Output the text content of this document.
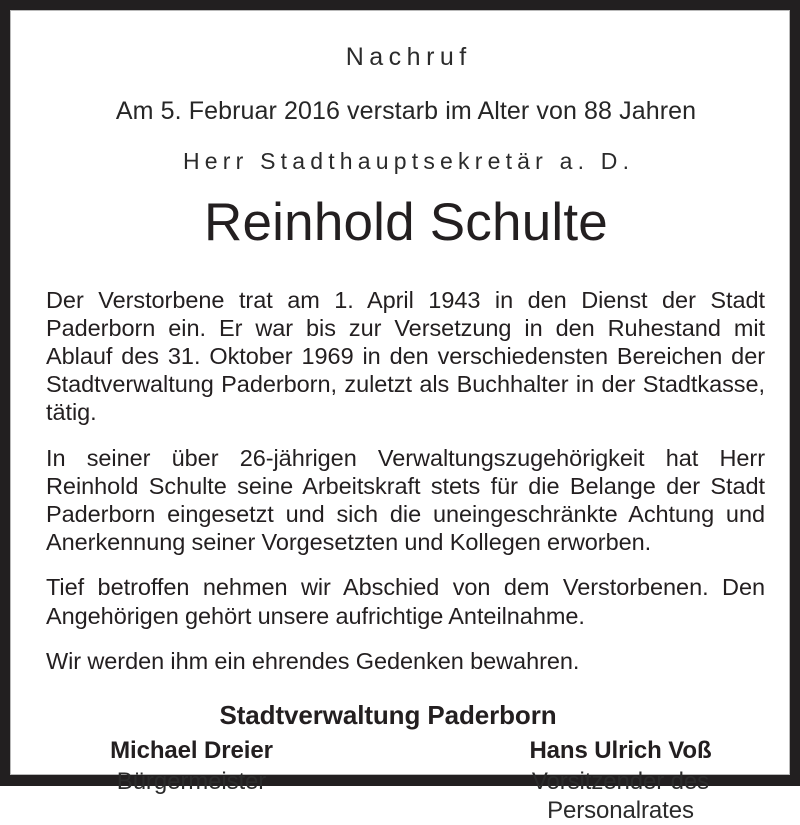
Nachruf

Am 5. Februar 2016 verstarb im Alter von 88 Jahren

Herr Stadthauptsekretär a. D.

Reinhold Schulte

Der Verstorbene trat am 1. April 1943 in den Dienst der Stadt Paderborn ein. Er war bis zur Versetzung in den Ruhestand mit Ablauf des 31. Oktober 1969 in den verschiedensten Bereichen der Stadtverwaltung Paderborn, zuletzt als Buchhalter in der Stadtkasse, tätig.

In seiner über 26-jährigen Verwaltungszugehörigkeit hat Herr Reinhold Schulte seine Arbeitskraft stets für die Belange der Stadt Paderborn eingesetzt und sich die uneingeschränkte Achtung und Anerkennung seiner Vorgesetzten und Kollegen erworben.

Tief betroffen nehmen wir Abschied von dem Verstorbenen. Den Angehörigen gehört unsere aufrichtige Anteilnahme.

Wir werden ihm ein ehrendes Gedenken bewahren.

Stadtverwaltung Paderborn

Michael Dreier

Bürgermeister

Hans Ulrich Voß

Vorsitzender des Personalrates
